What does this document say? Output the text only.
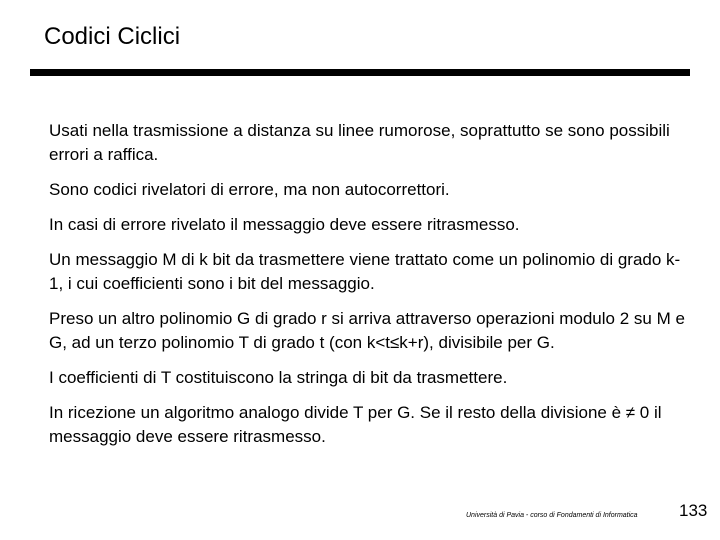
Codici Ciclici

Usati nella trasmissione a distanza su linee rumorose, soprattutto se sono possibili errori a raffica.

Sono codici rivelatori di errore, ma non autocorrettori.

In casi di errore rivelato il messaggio deve essere ritrasmesso.

Un messaggio M di k bit da trasmettere viene trattato come un polinomio di grado k-1, i cui coefficienti sono i bit del messaggio.

Preso un altro polinomio G di grado r si arriva attraverso operazioni modulo 2 su M e G, ad un terzo polinomio T di grado t (con k<t≤k+r), divisibile per G.

I coefficienti di T costituiscono la stringa di bit da trasmettere.

In ricezione un algoritmo analogo divide T per G. Se il resto della divisione è ≠ 0 il messaggio deve essere ritrasmesso.

Università di Pavia - corso di Fondamenti di Informatica 133
